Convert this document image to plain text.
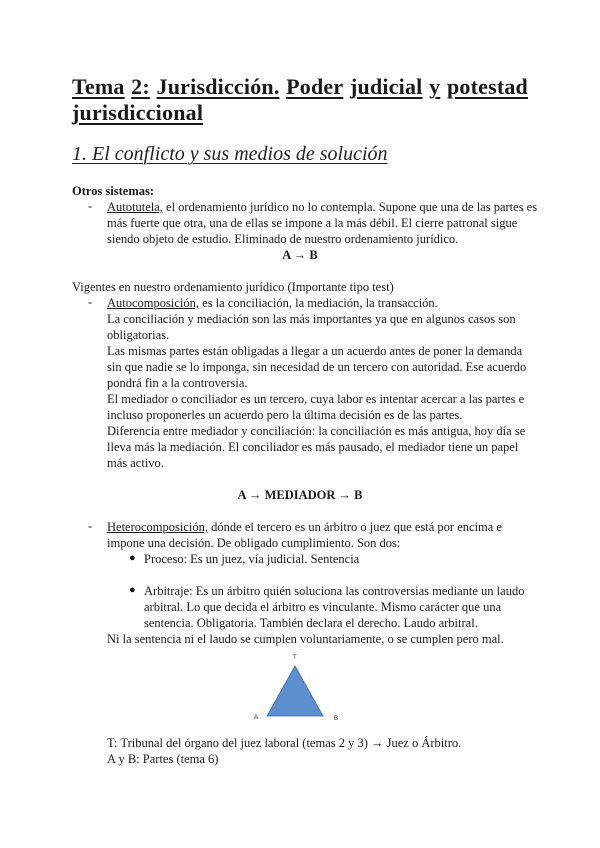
Tema 2: Jurisdicción. Poder judicial y potestad
jurisdiccional
1. El conflicto y sus medios de solución
Otros sistemas:
- Autotutela, el ordenamiento jurídico no lo contempla. Supone que una de las partes es
más fuerte que otra, una de ellas se impone a la más débil. El cierre patronal sigue
siendo objeto de estudio. Eliminado de nuestro ordenamiento jurídico.
A → B
Vigentes en nuestro ordenamiento jurídico (Importante tipo test)
- Autocomposición, es la conciliación, la mediación, la transacción.
La conciliación y mediación son las más importantes ya que en algunos casos son
obligatorias.
Las mismas partes están obligadas a llegar a un acuerdo antes de poner la demanda
sin que nadie se lo imponga, sin necesidad de un tercero con autoridad. Ese acuerdo
pondrá fin a la controversia.
El mediador o conciliador es un tercero, cuya labor es intentar acercar a las partes e
incluso proponerles un acuerdo pero la última decisión es de las partes.
Diferencia entre mediador y conciliación: la conciliación es más antigua, hoy día se
lleva más la mediación. El conciliador es más pausado, el mediador tiene un papel
más activo.
A → MEDIADOR → B
- Heterocomposición, dónde el tercero es un árbitro o juez que está por encima e
impone una decisión. De obligado cumplimiento. Son dos:
● Proceso: Es un juez, vía judicial. Sentencia
● Arbitraje: Es un árbitro quién soluciona las controversias mediante un laudo
arbitral. Lo que decida el árbitro es vinculante. Mismo carácter que una
sentencia. Obligatoria. También declara el derecho. Laudo arbitral.
Ni la sentencia ni el laudo se cumplen voluntariamente, o se cumplen pero mal.
T
A	B
T: Tribunal del órgano del juez laboral (temas 2 y 3) → Juez o Árbitro.
A y B: Partes (tema 6)
